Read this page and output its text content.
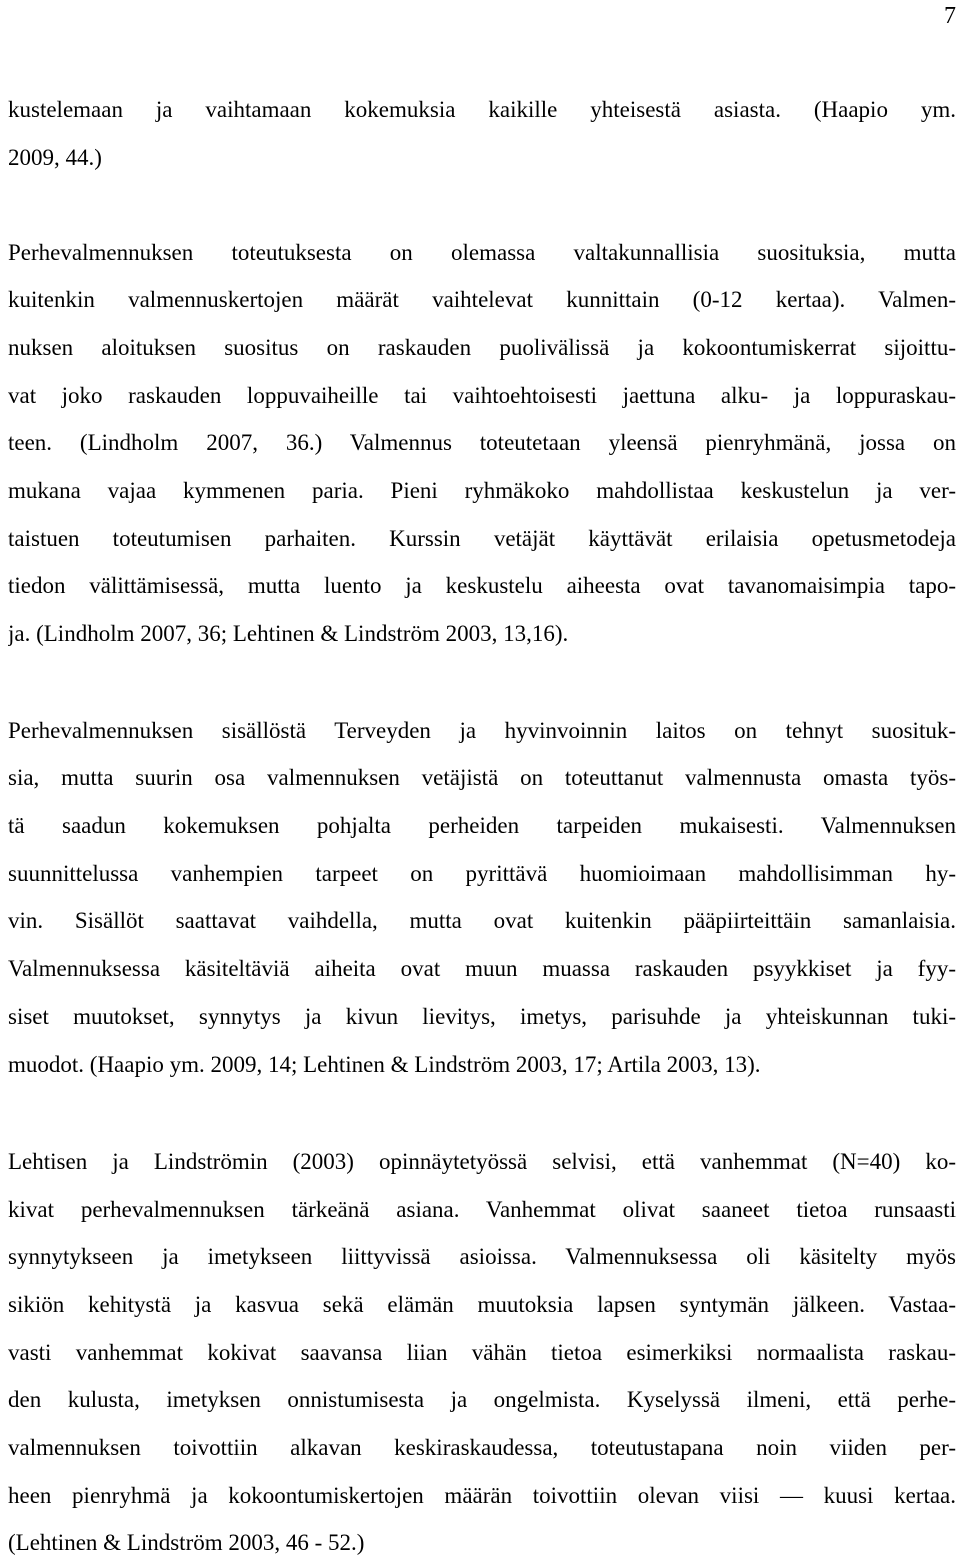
7
kustelemaan ja vaihtamaan kokemuksia kaikille yhteisestä asiasta. (Haapio ym.
2009, 44.)
Perhevalmennuksen toteutuksesta on olemassa valtakunnallisia suosituksia, mutta
kuitenkin valmennuskertojen määrät vaihtelevat kunnittain (0-12 kertaa). Valmen-
nuksen aloituksen suositus on raskauden puolivälissä ja kokoontumiskerrat sijoittu-
vat joko raskauden loppuvaiheille tai vaihtoehtoisesti jaettuna alku- ja loppuraskau-
teen. (Lindholm 2007, 36.) Valmennus toteutetaan yleensä pienryhmänä, jossa on
mukana vajaa kymmenen paria. Pieni ryhmäkoko mahdollistaa keskustelun ja ver-
taistuen toteutumisen parhaiten. Kurssin vetäjät käyttävät erilaisia opetusmetodeja
tiedon välittämisessä, mutta luento ja keskustelu aiheesta ovat tavanomaisimpia tapo-
ja. (Lindholm 2007, 36; Lehtinen & Lindström 2003, 13,16).
Perhevalmennuksen sisällöstä Terveyden ja hyvinvoinnin laitos on tehnyt suosituk-
sia, mutta suurin osa valmennuksen vetäjistä on toteuttanut valmennusta omasta työs-
tä saadun kokemuksen pohjalta perheiden tarpeiden mukaisesti. Valmennuksen
suunnittelussa vanhempien tarpeet on pyrittävä huomioimaan mahdollisimman hy-
vin. Sisällöt saattavat vaihdella, mutta ovat kuitenkin pääpiirteittäin samanlaisia.
Valmennuksessa käsiteltäviä aiheita ovat muun muassa raskauden psyykkiset ja fyy-
siset muutokset, synnytys ja kivun lievitys, imetys, parisuhde ja yhteiskunnan tuki-
muodot. (Haapio ym. 2009, 14; Lehtinen & Lindström 2003, 17; Artila 2003, 13).
Lehtisen ja Lindströmin (2003) opinnäytetyössä selvisi, että vanhemmat (N=40) ko-
kivat perhevalmennuksen tärkeänä asiana. Vanhemmat olivat saaneet tietoa runsaasti
synnytykseen ja imetykseen liittyvissä asioissa. Valmennuksessa oli käsitelty myös
sikiön kehitystä ja kasvua sekä elämän muutoksia lapsen syntymän jälkeen. Vastaa-
vasti vanhemmat kokivat saavansa liian vähän tietoa esimerkiksi normaalista raskau-
den kulusta, imetyksen onnistumisesta ja ongelmista. Kyselyssä ilmeni, että perhe-
valmennuksen toivottiin alkavan keskiraskaudessa, toteutustapana noin viiden per-
heen pienryhmä ja kokoontumiskertojen määrän toivottiin olevan viisi — kuusi kertaa.
(Lehtinen & Lindström 2003, 46 - 52.)
